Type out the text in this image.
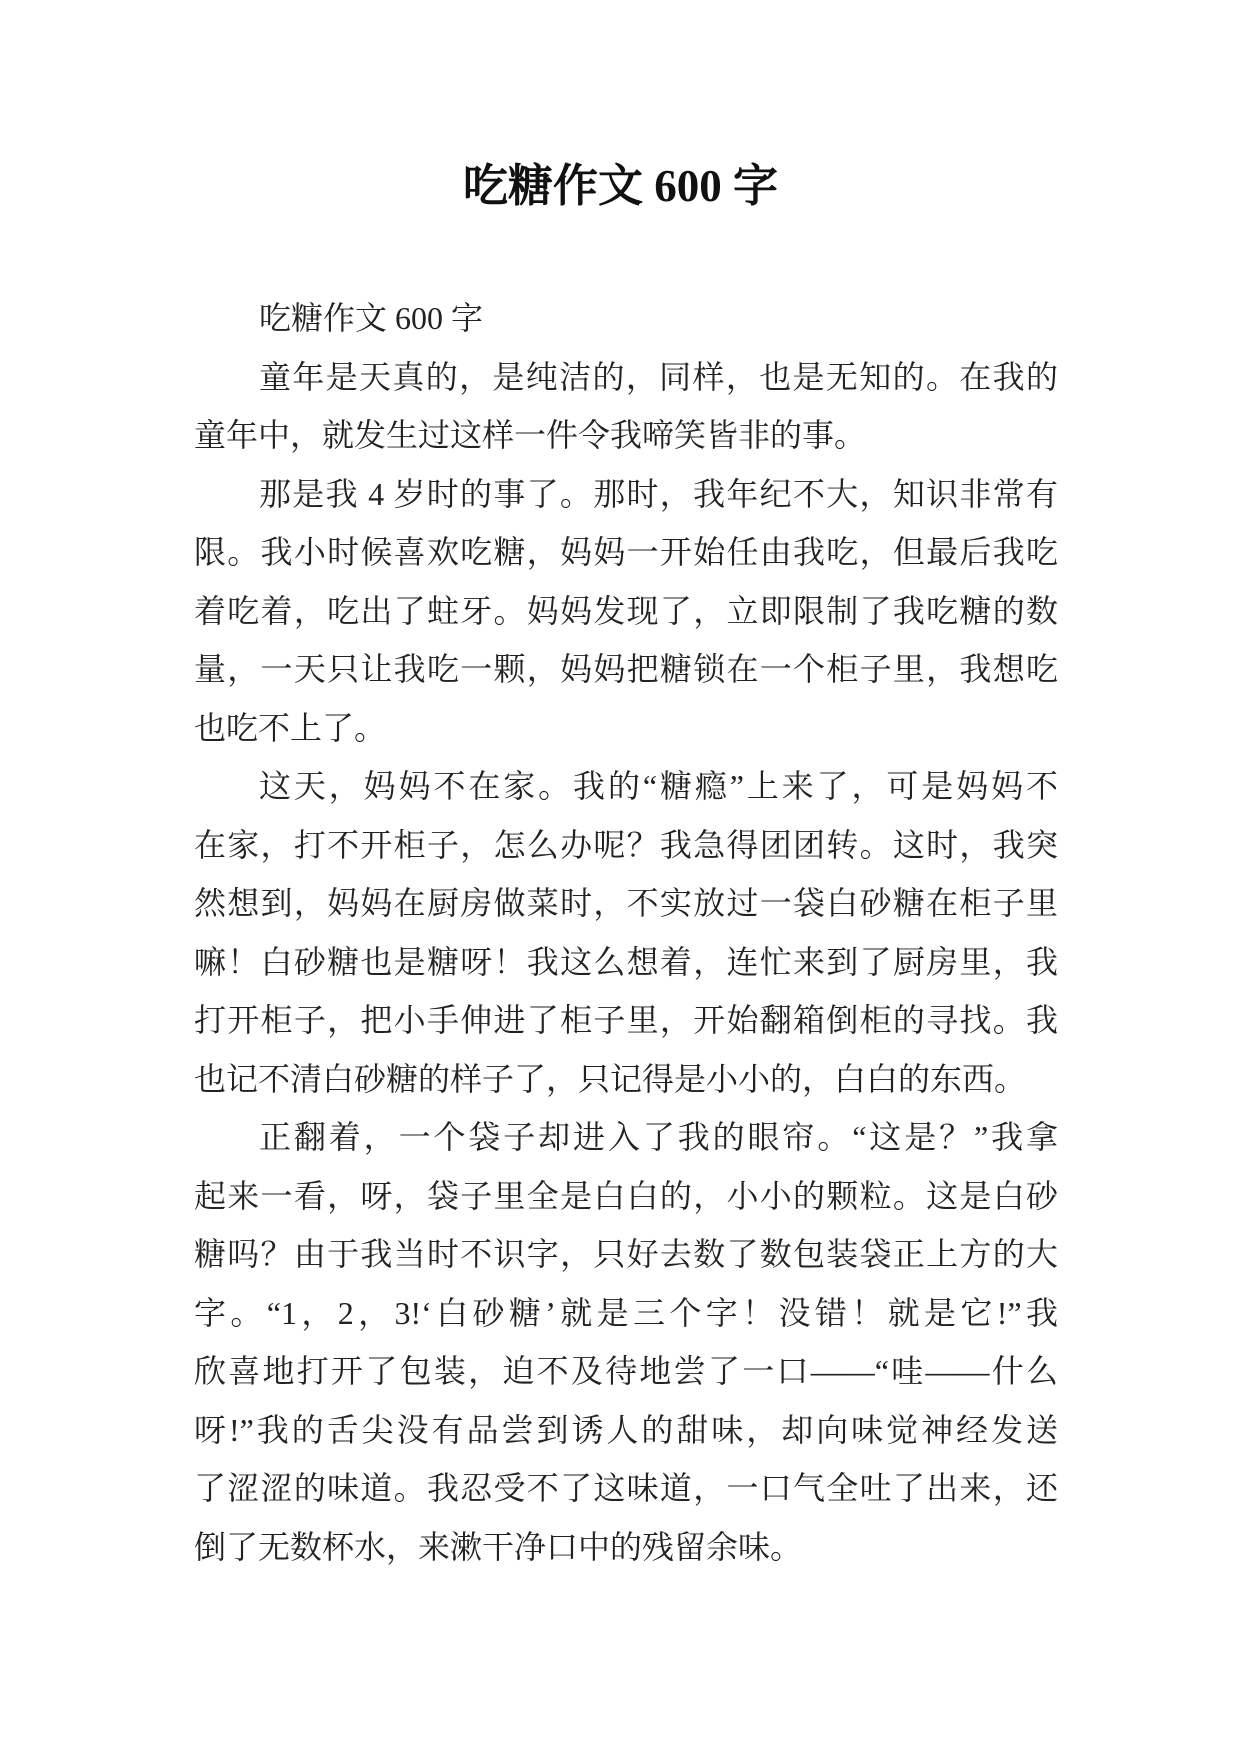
吃糖作文 600 字
吃糖作文 600 字
童年是天真的，是纯洁的，同样，也是无知的。在我的
童年中，就发生过这样一件令我啼笑皆非的事。
那是我 4 岁时的事了。那时，我年纪不大，知识非常有
限。我小时候喜欢吃糖，妈妈一开始任由我吃，但最后我吃
着吃着，吃出了蛀牙。妈妈发现了，立即限制了我吃糖的数
量，一天只让我吃一颗，妈妈把糖锁在一个柜子里，我想吃
也吃不上了。
这天，妈妈不在家。我的“糖瘾”上来了，可是妈妈不
在家，打不开柜子，怎么办呢？我急得团团转。这时，我突
然想到，妈妈在厨房做菜时，不实放过一袋白砂糖在柜子里
嘛！白砂糖也是糖呀！我这么想着，连忙来到了厨房里，我
打开柜子，把小手伸进了柜子里，开始翻箱倒柜的寻找。我
也记不清白砂糖的样子了，只记得是小小的，白白的东西。
正翻着，一个袋子却进入了我的眼帘。“这是？”我拿
起来一看，呀，袋子里全是白白的，小小的颗粒。这是白砂
糖吗？由于我当时不识字，只好去数了数包装袋正上方的大
字。“1，2，3!‘白砂糖’就是三个字！没错！就是它!”我
欣喜地打开了包装，迫不及待地尝了一口——“哇——什么
呀!”我的舌尖没有品尝到诱人的甜味，却向味觉神经发送
了涩涩的味道。我忍受不了这味道，一口气全吐了出来，还
倒了无数杯水，来漱干净口中的残留余味。
